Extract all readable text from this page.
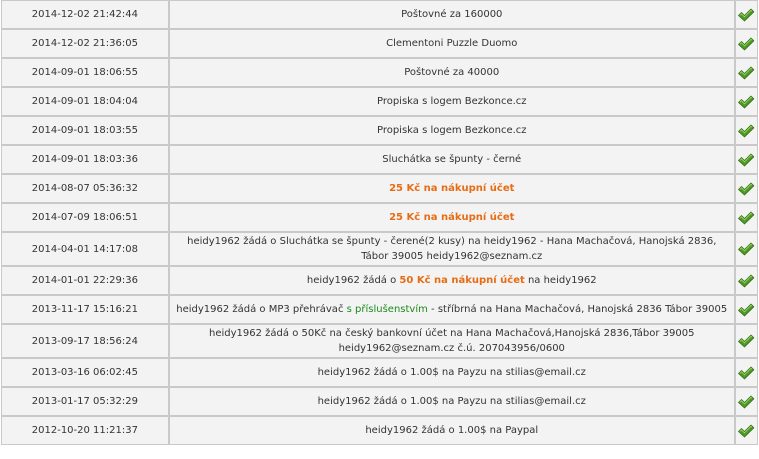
2014-12-02 21:42:44	Poštovné za 160000	

2014-12-02 21:36:05	Clementoni Puzzle Duomo	

2014-09-01 18:06:55	Poštovné za 40000	

2014-09-01 18:04:04	Propiska s logem Bezkonce.cz	

2014-09-01 18:03:55	Propiska s logem Bezkonce.cz	

2014-09-01 18:03:36	Sluchátka se špunty - černé	

2014-08-07 05:36:32	25 Kč na nákupní účet	

2014-07-09 18:06:51	25 Kč na nákupní účet	

2014-04-01 14:17:08	heidy1962 žádá o Sluchátka se špunty - čerené(2 kusy) na heidy1962 - Hana Machačová, Hanojská 2836, Tábor 39005 heidy1962@seznam.cz	

2014-01-01 22:29:36	heidy1962 žádá o 50 Kč na nákupní účet na heidy1962	

2013-11-17 15:16:21	heidy1962 žádá o MP3 přehrávač s příslušenstvím - stříbrná na Hana Machačová, Hanojská 2836 Tábor 39005	

2013-09-17 18:56:24	heidy1962 žádá o 50Kč na český bankovní účet na Hana Machačová,Hanojská 2836,Tábor 39005 heidy1962@seznam.cz č.ú. 207043956/0600	

2013-03-16 06:02:45	heidy1962 žádá o 1.00$ na Payzu na stilias@email.cz	

2013-01-17 05:32:29	heidy1962 žádá o 1.00$ na Payzu na stilias@email.cz	

2012-10-20 11:21:37	heidy1962 žádá o 1.00$ na Paypal	
